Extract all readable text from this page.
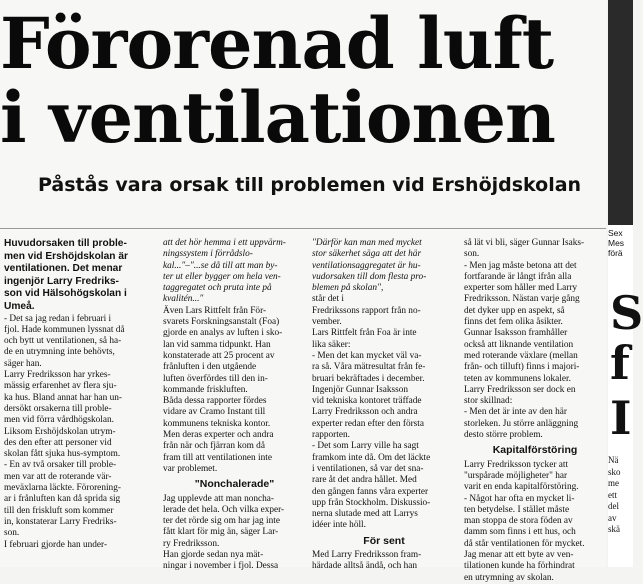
Förorenad luft
i ventilationen
Påstås vara orsak till problemen vid Ershöjdskolan

Huvudorsaken till proble-
men vid Ershöjdskolan är
ventilationen. Det menar
ingenjör Larry Fredriks-
son vid Hälsohögskolan i
Umeå.

- Det sa jag redan i februari i
fjol. Hade kommunen lyssnat då
och bytt ut ventilationen, så ha-
de en utrymning inte behövts,
säger han.
Larry Fredriksson har yrkes-
mässig erfarenhet av flera sju-
ka hus. Bland annat har han un-
dersökt orsakerna till proble-
men vid förra vårdhögskolan.
Liksom Ershöjdskolan utrym-
des den efter att personer vid
skolan fått sjuka hus-symptom.
- En av två orsaker till proble-
men var att de roterande vär-
meväxlarna läckte. Förorening-
ar i frånluften kan då sprida sig
till den friskluft som kommer
in, konstaterar Larry Fredriks-
son.
I februari gjorde han under-

att det hör hemma i ett uppvärm-
ningssystem i förrådslo-
kal..."–"...se då till att man by-
ter ut eller bygger om hela ven-
taggregatet och pruta inte på
kvalitén..."

Även Lars Rittfelt från För-
svarets Forskningsanstalt (Foa)
gjorde en analys av luften i sko-
lan vid samma tidpunkt. Han
konstaterade att 25 procent av
frånluften i den utgående
luften överfördes till den in-
kommande friskluften.
Båda dessa rapporter fördes
vidare av Cramo Instant till
kommunens tekniska kontor.
Men deras experter och andra
från när och fjärran kom då
fram till att ventilationen inte
var problemet.

"Nonchalerade"

Jag upplevde att man noncha-
lerade det hela. Och vilka exper-
ter det rörde sig om har jag inte
fått klart för mig än, säger Lar-
ry Fredriksson.
Han gjorde sedan nya mät-
ningar i november i fjol. Dessa

"Därför kan man med mycket
stor säkerhet säga att det här
ventilationsaggregatet är hu-
vudorsaken till dom flesta pro-
blemen på skolan",

står det i
Fredrikssons rapport från no-
vember.
Lars Rittfelt från Foa är inte
lika säker:
- Men det kan mycket väl va-
ra så. Våra mätresultat från fe-
bruari bekräftades i december.
Ingenjör Gunnar Isaksson
vid tekniska kontoret träffade
Larry Fredriksson och andra
experter redan efter den första
rapporten.
- Det som Larry ville ha sagt
framkom inte då. Om det läckte
i ventilationen, så var det snа-
rare åt det andra hållet. Med
den gången fanns våra experter
upp från Stockholm. Diskussio-
nerna slutade med att Larrys
idéer inte höll.

För sent

Med Larry Fredriksson fram-
härdade alltså ändå, och han

så lät vi bli, säger Gunnar Isaks-
son.
- Men jag måste betona att det
fortfarande är långt ifrån alla
experter som håller med Larry
Fredriksson. Nästan varje gång
det dyker upp en aspekt, så
finns det fem olika åsikter.
Gunnar Isaksson framhåller
också att liknande ventilation
med roterande växlare (mellan
från- och tilluft) finns i majori-
teten av kommunens lokaler.
Larry Fredriksson ser dock en
stor skillnad:
- Men det är inte av den här
storleken. Ju större anläggning
desto större problem.

Kapitalförstöring

Larry Fredriksson tycker att
"urspårade möjligheter" har
varit en enda kapitalförstöring.
- Något har ofta en mycket li-
ten betydelse. I stället måste
man stoppa de stora föden av
damm som finns i ett hus, och
då står ventilationen för mycket.
Jag menar att ett byte av ven-
tilationen kunde ha förhindrat
en utrymning av skolan.

Sex
Mes
förä
S
f
I
Nä
sko
me
ett
del
av
skä
